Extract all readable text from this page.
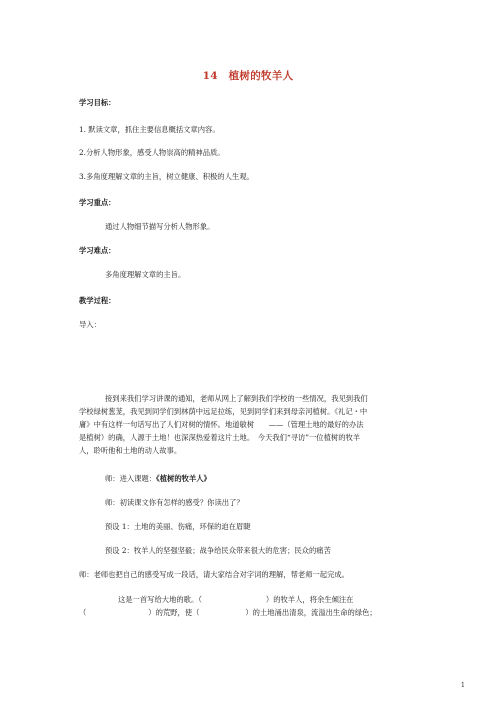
14　植树的牧羊人
学习目标：
1. 默读文章，抓住主要信息概括文章内容。
2.分析人物形象，感受人物崇高的精神品质。
3.多角度理解文章的主旨，树立健康、积极的人生观。
学习重点：
通过人物细节描写分析人物形象。
学习难点：
多角度理解文章的主旨。
教学过程：
导入：
接到来我们学习讲课的通知，老师从网上了解到我们学校的一些情况，我见到我们
学校绿树葱茏，我见到同学们到林荫中远足拉练，见到同学们来到母亲河植树。《礼记・中
庸》中有这样一句话写出了人们对树的情怀。地道敏树　　——（管理土地的最好的办法
是植树）的确，人源于土地！也深深热爱着这片土地。　今天我们“寻访”一位植树的牧羊
人，聆听他和土地的动人故事。
师：进入课题：《植树的牧羊人》
师：初读课文你有怎样的感受？你读出了？
预设 1：土地的美丽、伤痛，环保的迫在眉睫
预设 2：牧羊人的坚强坚毅；战争给民众带来很大的危害；民众的痛苦
师：老师也把自己的感受写成一段话，请大家结合对字词的理解，帮老师一起完成。
这是一首写给大地的歌。（	）的牧羊人，将余生倾注在
（	）的荒野，使（	）的土地涌出清泉，流溢出生命的绿色；
1
